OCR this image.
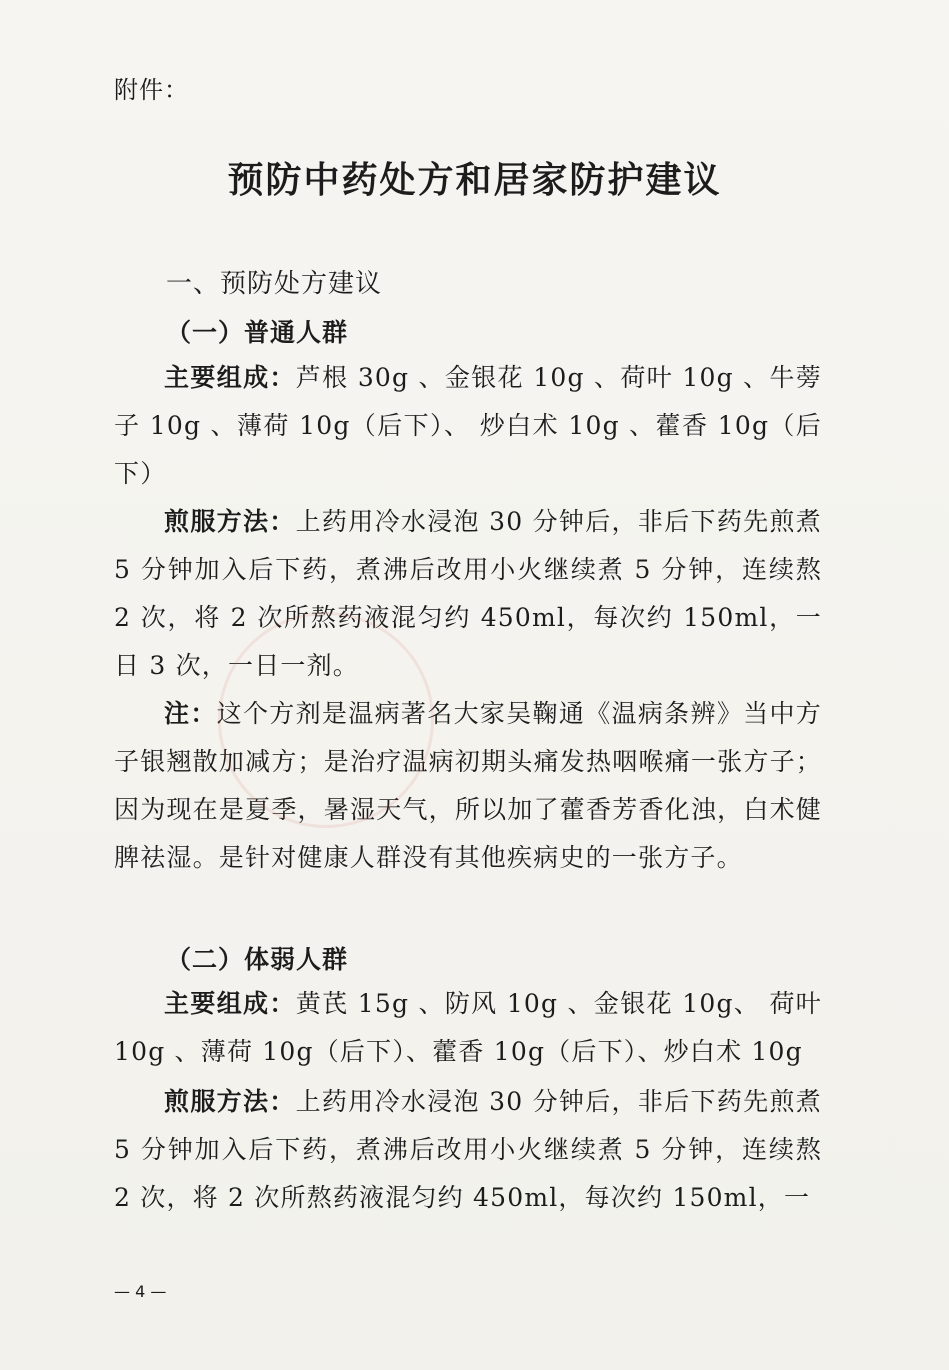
附件：
预防中药处方和居家防护建议
一、预防处方建议
（一）普通人群
主要组成：芦根 30g 、金银花 10g 、荷叶 10g 、牛蒡子 10g 、薄荷 10g（后下）、 炒白术 10g 、藿香 10g（后下）
煎服方法：上药用冷水浸泡 30 分钟后，非后下药先煎煮 5 分钟加入后下药，煮沸后改用小火继续煮 5 分钟，连续熬 2 次，将 2 次所熬药液混匀约 450ml，每次约 150ml，一日 3 次，一日一剂。
注：这个方剂是温病著名大家吴鞠通《温病条辨》当中方子银翘散加减方；是治疗温病初期头痛发热咽喉痛一张方子；因为现在是夏季，暑湿天气，所以加了藿香芳香化浊，白术健脾祛湿。是针对健康人群没有其他疾病史的一张方子。
（二）体弱人群
主要组成：黄芪 15g 、防风 10g 、金银花 10g、 荷叶 10g 、薄荷 10g（后下）、藿香 10g（后下）、炒白术 10g
煎服方法：上药用冷水浸泡 30 分钟后，非后下药先煎煮 5 分钟加入后下药，煮沸后改用小火继续煮 5 分钟，连续熬 2 次，将 2 次所熬药液混匀约 450ml，每次约 150ml，一
— 4 —
